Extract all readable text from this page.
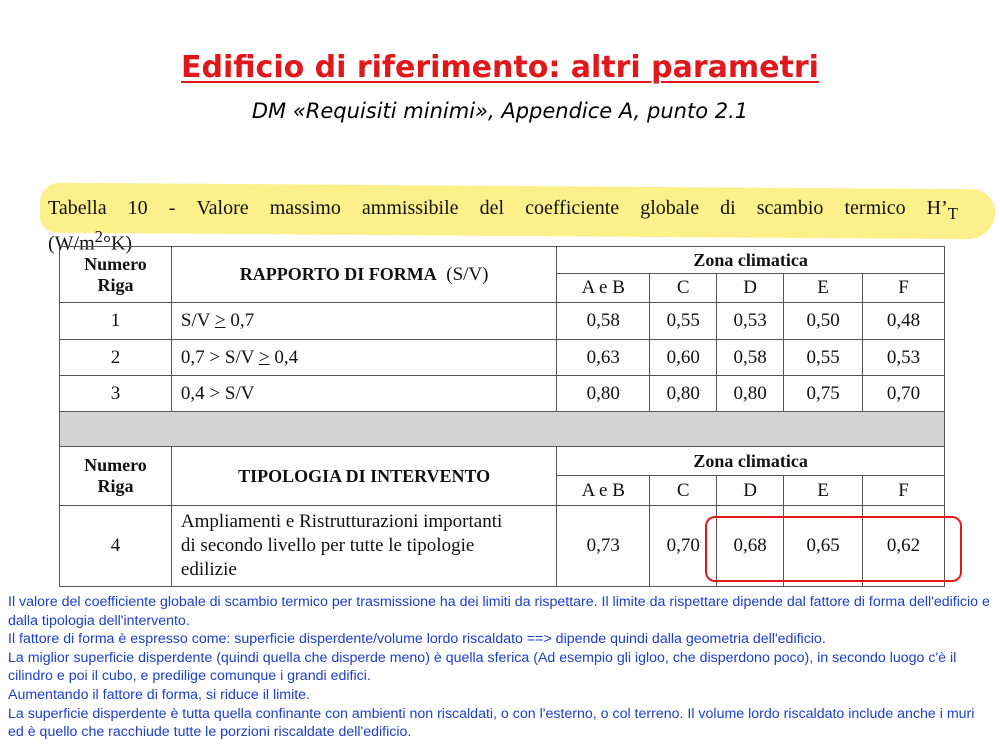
Edificio di riferimento: altri parametri
DM «Requisiti minimi», Appendice A, punto 2.1
Tabella 10 - Valore massimo ammissibile del coefficiente globale di scambio termico $H’_T$
$(W/m^2^\circ K)$
Numero
Riga	RAPPORTO DI FORMA (S/V)	Zona climatica				
		A e B	C	D	E	F
1	S/V > 0,7	0,58	0,55	0,53	0,50	0,48
2	0,7 > S/V > 0,4	0,63	0,60	0,58	0,55	0,53
3	0,4 > S/V	0,80	0,80	0,80	0,75	0,70

Numero
Riga	TIPOLOGIA DI INTERVENTO	Zona climatica				
		A e B	C	D	E	F
4	Ampliamenti e Ristrutturazioni importanti
di secondo livello per tutte le tipologie
edilizie	0,73	0,70	0,68	0,65	0,62

Il valore del coefficiente globale di scambio termico per trasmissione ha dei limiti da rispettare. Il limite da rispettare dipende dal fattore di forma dell'edificio e dalla tipologia dell'intervento.

Il fattore di forma è espresso come: superficie disperdente/volume lordo riscaldato ==> dipende quindi dalla geometria dell'edificio.

La miglior superficie disperdente (quindi quella che disperde meno) è quella sferica (Ad esempio gli igloo, che disperdono poco), in secondo luogo c'è il cilindro e poi il cubo, e predilige comunque i grandi edifici.

Aumentando il fattore di forma, si riduce il limite.

La superficie disperdente è tutta quella confinante con ambienti non riscaldati, o con l'esterno, o col terreno. Il volume lordo riscaldato include anche i muri ed è quello che racchiude tutte le porzioni riscaldate dell'edificio.
